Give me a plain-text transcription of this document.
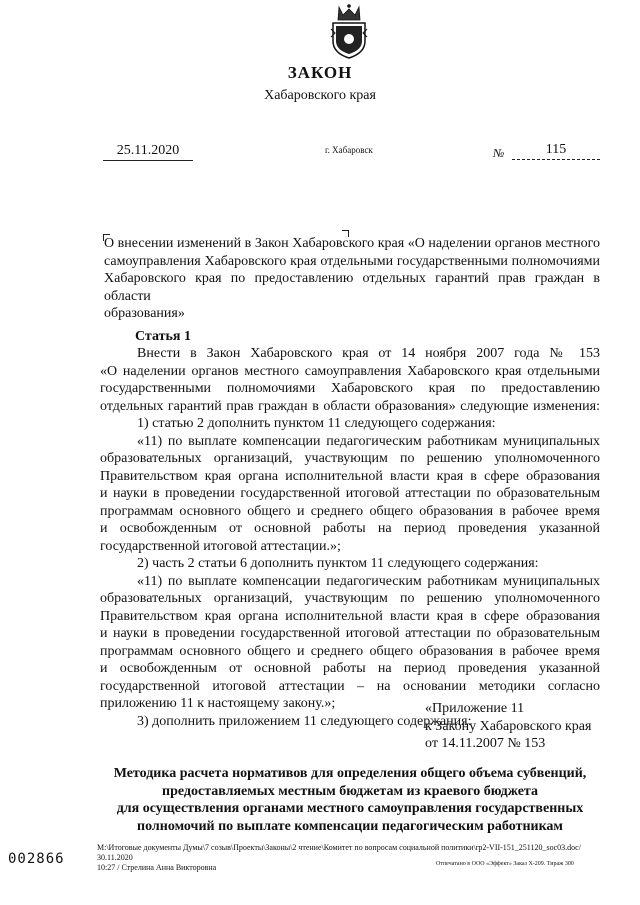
ЗАКОН
Хабаровского края
25.11.2020	г. Хабаровск	№	115
О внесении изменений в Закон Хабаровского края «О наделении органов местного
самоуправления Хабаровского края отдельными государственными полномочиями
Хабаровского края по предоставлению отдельных гарантий прав граждан в области
образования»
Статья 1
Внести в Закон Хабаровского края от 14 ноября 2007 года № 153
«О наделении органов местного самоуправления Хабаровского края отдельными
государственными полномочиями Хабаровского края по предоставлению
отдельных гарантий прав граждан в области образования» следующие изменения:
1) статью 2 дополнить пунктом 11 следующего содержания:
«11) по выплате компенсации педагогическим работникам муниципальных
образовательных организаций, участвующим по решению уполномоченного
Правительством края органа исполнительной власти края в сфере образования
и науки в проведении государственной итоговой аттестации по образовательным
программам основного общего и среднего общего образования в рабочее время
и освобожденным от основной работы на период проведения указанной
государственной итоговой аттестации.»;
2) часть 2 статьи 6 дополнить пунктом 11 следующего содержания:
«11) по выплате компенсации педагогическим работникам муниципальных
образовательных организаций, участвующим по решению уполномоченного
Правительством края органа исполнительной власти края в сфере образования
и науки в проведении государственной итоговой аттестации по образовательным
программам основного общего и среднего общего образования в рабочее время
и освобожденным от основной работы на период проведения указанной
государственной итоговой аттестации – на основании методики согласно
приложению 11 к настоящему закону.»;
3) дополнить приложением 11 следующего содержания:
«Приложение 11
к Закону Хабаровского края
от 14.11.2007 № 153
Методика расчета нормативов для определения общего объема субвенций,
предоставляемых местным бюджетам из краевого бюджета
для осуществления органами местного самоуправления государственных
полномочий по выплате компенсации педагогическим работникам
002866
M:\Итоговые документы Думы\7 созыв\Проекты\Законы\2 чтение\Комитет по вопросам социальной политики\rp2-VII-151_251120_soc03.doc/ 30.11.2020
10:27 / Стрелина Анна Викторовна	Отпечатано в ООО «Эффект» Заказ Х-209. Тираж 300
